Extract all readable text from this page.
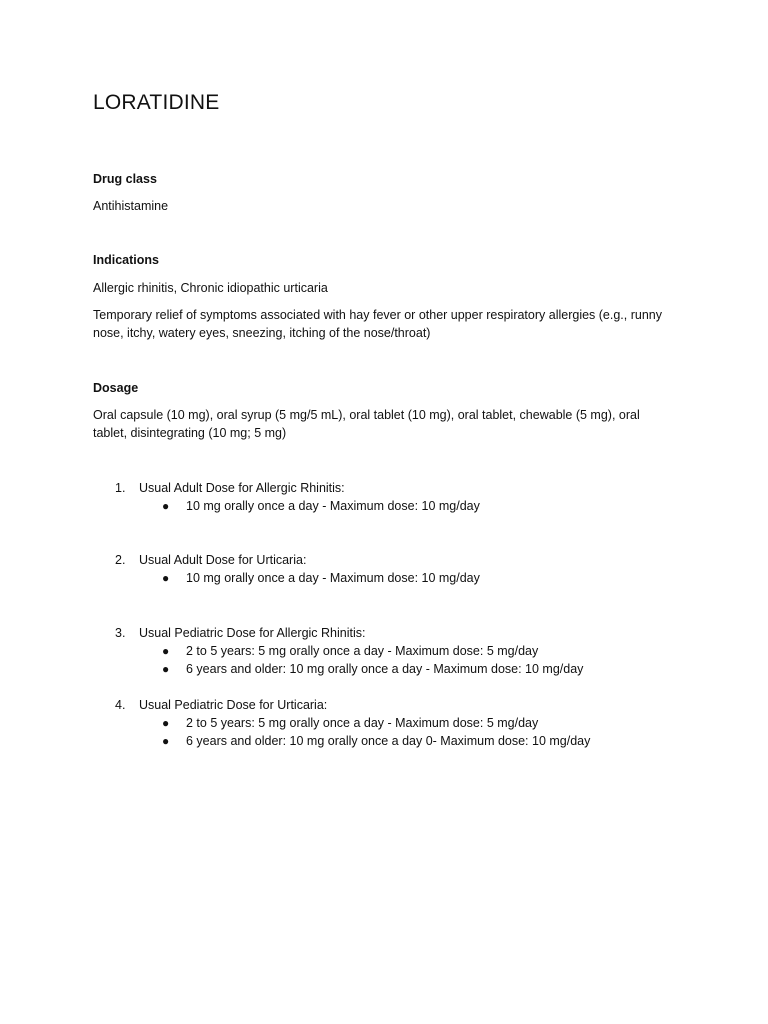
LORATIDINE
Drug class
Antihistamine
Indications
Allergic rhinitis, Chronic idiopathic urticaria
Temporary relief of symptoms associated with hay fever or other upper respiratory allergies (e.g., runny nose, itchy, watery eyes, sneezing, itching of the nose/throat)
Dosage
Oral capsule (10 mg), oral syrup (5 mg/5 mL), oral tablet (10 mg), oral tablet, chewable (5 mg), oral tablet, disintegrating (10 mg; 5 mg)
1. Usual Adult Dose for Allergic Rhinitis:
● 10 mg orally once a day - Maximum dose: 10 mg/day
2. Usual Adult Dose for Urticaria:
● 10 mg orally once a day - Maximum dose: 10 mg/day
3. Usual Pediatric Dose for Allergic Rhinitis:
● 2 to 5 years: 5 mg orally once a day - Maximum dose: 5 mg/day
● 6 years and older: 10 mg orally once a day - Maximum dose: 10 mg/day
4. Usual Pediatric Dose for Urticaria:
● 2 to 5 years: 5 mg orally once a day - Maximum dose: 5 mg/day
● 6 years and older: 10 mg orally once a day 0- Maximum dose: 10 mg/day
